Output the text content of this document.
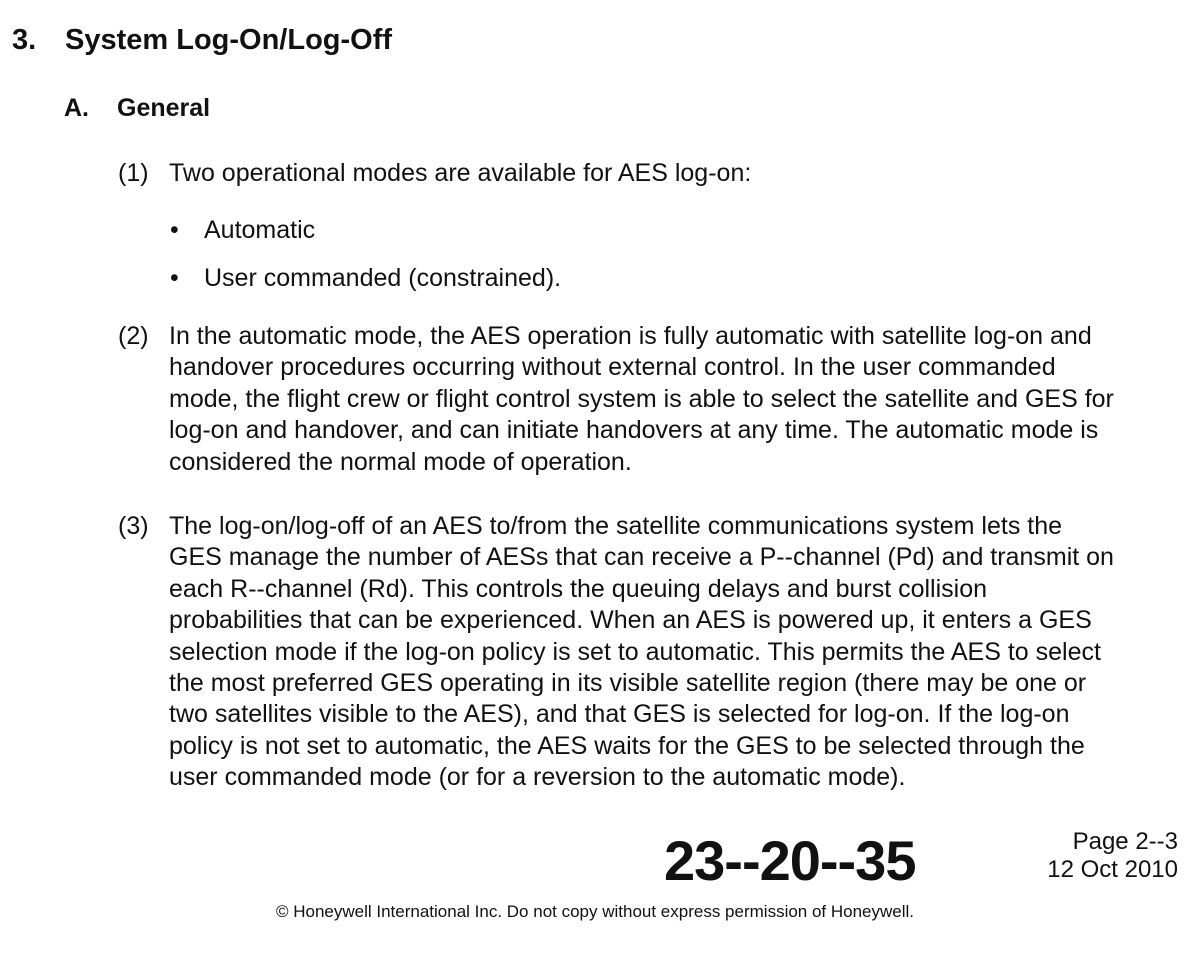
3. System Log-On/Log-Off
A. General
(1) Two operational modes are available for AES log-on:
• Automatic
• User commanded (constrained).
(2) In the automatic mode, the AES operation is fully automatic with satellite log-on and
handover procedures occurring without external control. In the user commanded
mode, the flight crew or flight control system is able to select the satellite and GES for
log-on and handover, and can initiate handovers at any time. The automatic mode is
considered the normal mode of operation.
(3) The log-on/log-off of an AES to/from the satellite communications system lets the
GES manage the number of AESs that can receive a P--channel (Pd) and transmit on
each R--channel (Rd). This controls the queuing delays and burst collision
probabilities that can be experienced. When an AES is powered up, it enters a GES
selection mode if the log-on policy is set to automatic. This permits the AES to select
the most preferred GES operating in its visible satellite region (there may be one or
two satellites visible to the AES), and that GES is selected for log-on. If the log-on
policy is not set to automatic, the AES waits for the GES to be selected through the
user commanded mode (or for a reversion to the automatic mode).
23--20--35	Page 2--3
12 Oct 2010
© Honeywell International Inc. Do not copy without express permission of Honeywell.
